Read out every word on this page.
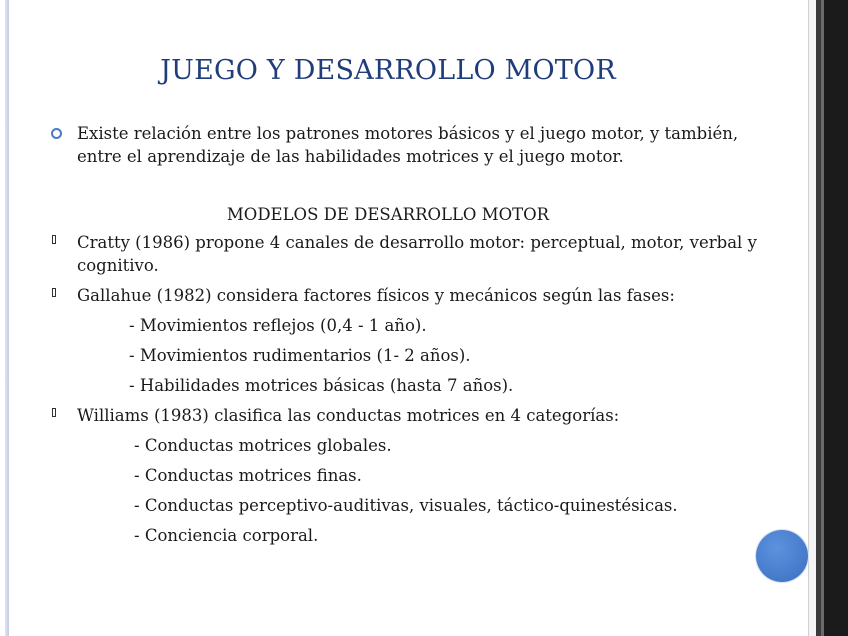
JUEGO Y DESARROLLO MOTOR
Existe relación entre los patrones motores básicos y el juego motor, y también, entre el aprendizaje de las habilidades motrices y el juego motor.
MODELOS DE DESARROLLO MOTOR
Cratty (1986) propone 4 canales de desarrollo motor: perceptual, motor, verbal y cognitivo.
Gallahue (1982) considera factores físicos y mecánicos según las fases:
- Movimientos reflejos (0,4 - 1 año).
- Movimientos rudimentarios (1- 2 años).
- Habilidades motrices básicas (hasta 7 años).
Williams (1983) clasifica las conductas motrices en 4 categorías:
- Conductas motrices globales.
- Conductas motrices finas.
- Conductas perceptivo-auditivas, visuales, táctico-quinestésicas.
- Conciencia corporal.
